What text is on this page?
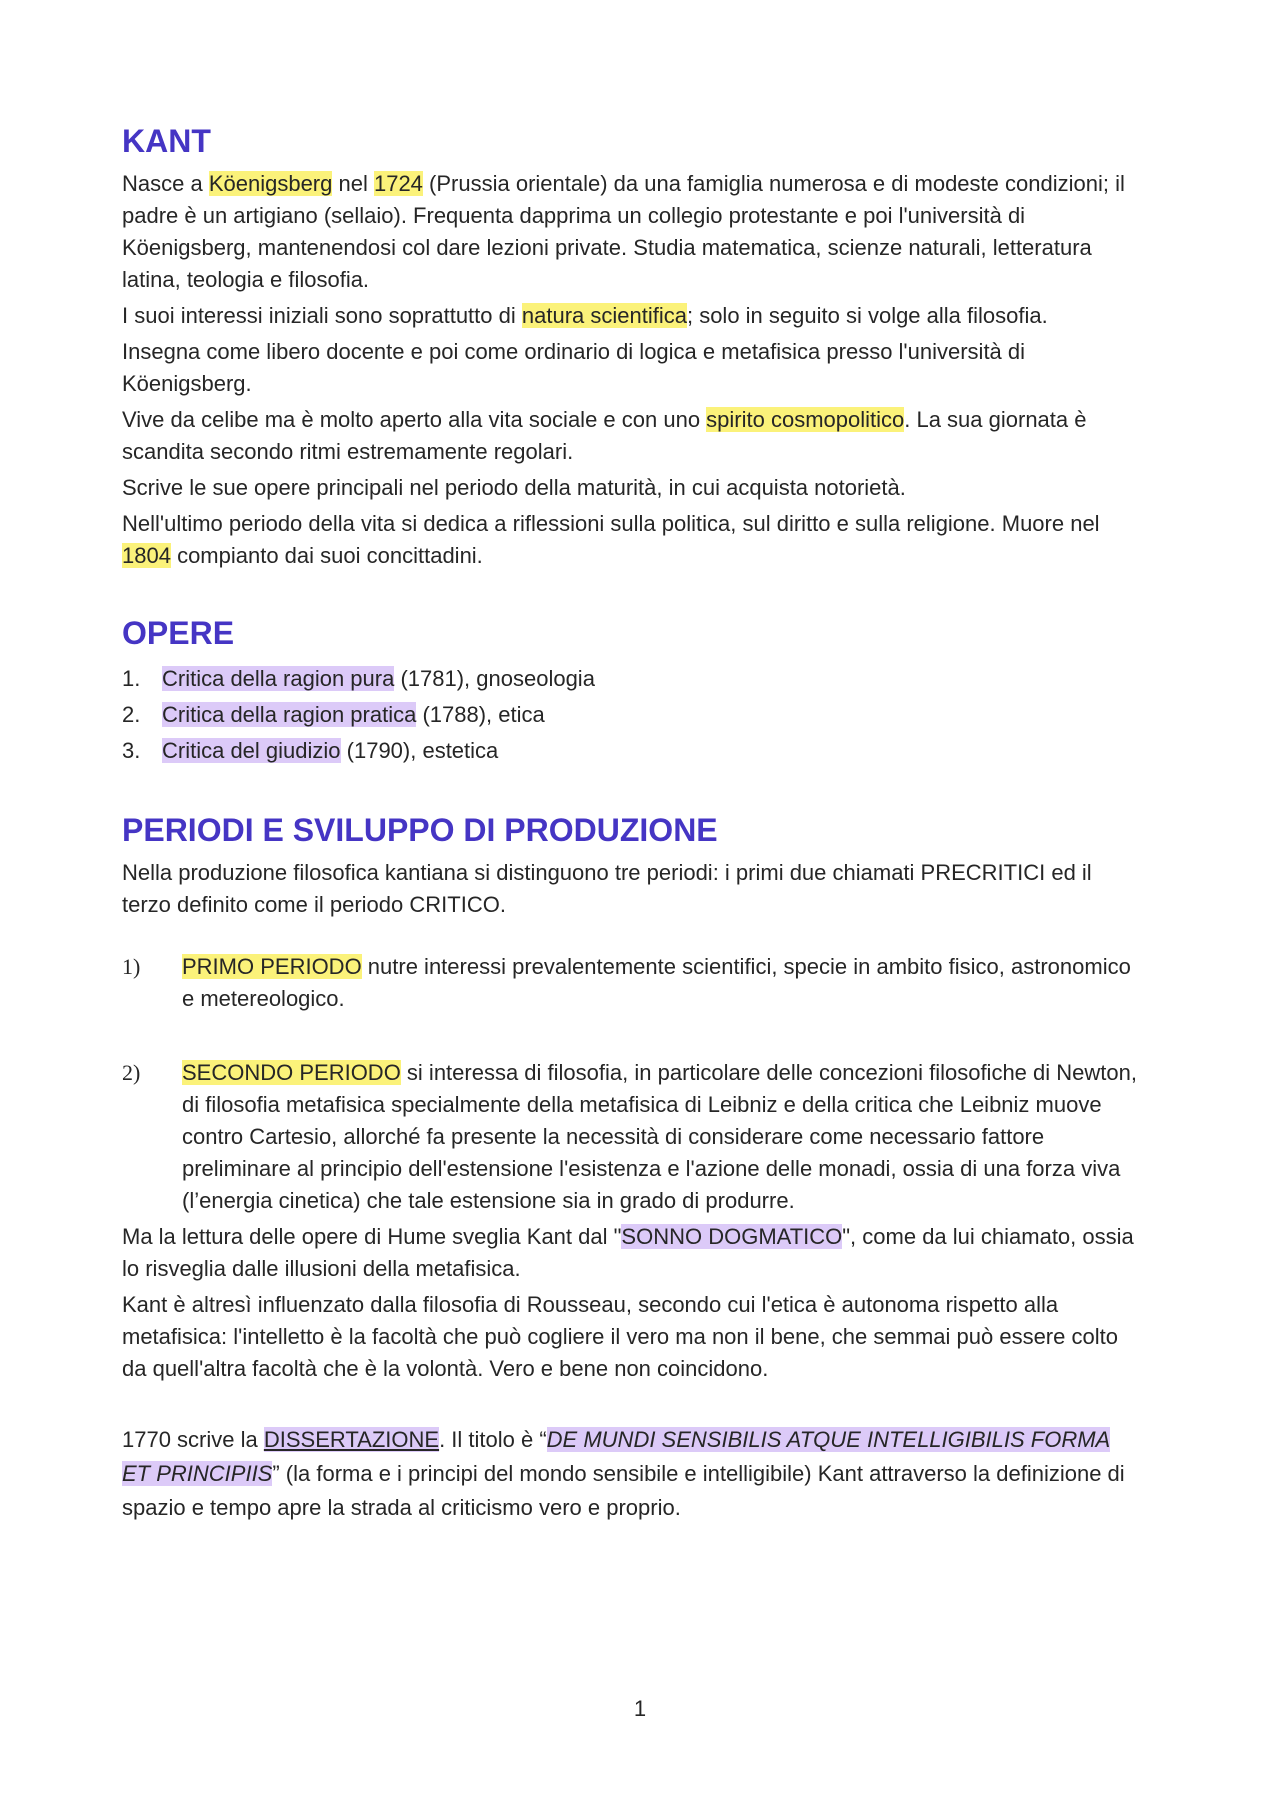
KANT

Nasce a Köenigsberg nel 1724 (Prussia orientale) da una famiglia numerosa e di modeste condizioni; il padre è un artigiano (sellaio). Frequenta dapprima un collegio protestante e poi l'università di Köenigsberg, mantenendosi col dare lezioni private. Studia matematica, scienze naturali, letteratura latina, teologia e filosofia.

I suoi interessi iniziali sono soprattutto di natura scientifica; solo in seguito si volge alla filosofia.

Insegna come libero docente e poi come ordinario di logica e metafisica presso l'università di Köenigsberg.

Vive da celibe ma è molto aperto alla vita sociale e con uno spirito cosmopolitico. La sua giornata è scandita secondo ritmi estremamente regolari.

Scrive le sue opere principali nel periodo della maturità, in cui acquista notorietà.

Nell'ultimo periodo della vita si dedica a riflessioni sulla politica, sul diritto e sulla religione. Muore nel 1804 compianto dai suoi concittadini.

OPERE
1. Critica della ragion pura (1781), gnoseologia
2. Critica della ragion pratica (1788), etica
3. Critica del giudizio (1790), estetica
PERIODI E SVILUPPO DI PRODUZIONE

Nella produzione filosofica kantiana si distinguono tre periodi: i primi due chiamati PRECRITICI ed il terzo definito come il periodo CRITICO.

1)	PRIMO PERIODO nutre interessi prevalentemente scientifici, specie in ambito fisico, astronomico e metereologico.
2)	SECONDO PERIODO si interessa di filosofia, in particolare delle concezioni filosofiche di Newton, di filosofia metafisica specialmente della metafisica di Leibniz e della critica che Leibniz muove contro Cartesio, allorché fa presente la necessità di considerare come necessario fattore preliminare al principio dell'estensione l'esistenza e l'azione delle monadi, ossia di una forza viva (l’energia cinetica) che tale estensione sia in grado di produrre.

Ma la lettura delle opere di Hume sveglia Kant dal "SONNO DOGMATICO", come da lui chiamato, ossia lo risveglia dalle illusioni della metafisica.

Kant è altresì influenzato dalla filosofia di Rousseau, secondo cui l'etica è autonoma rispetto alla metafisica: l'intelletto è la facoltà che può cogliere il vero ma non il bene, che semmai può essere colto da quell'altra facoltà che è la volontà. Vero e bene non coincidono.

1770 scrive la DISSERTAZIONE. Il titolo è “DE MUNDI SENSIBILIS ATQUE INTELLIGIBILIS FORMA ET PRINCIPIIS” (la forma e i principi del mondo sensibile e intelligibile) Kant attraverso la definizione di spazio e tempo apre la strada al criticismo vero e proprio.

1
